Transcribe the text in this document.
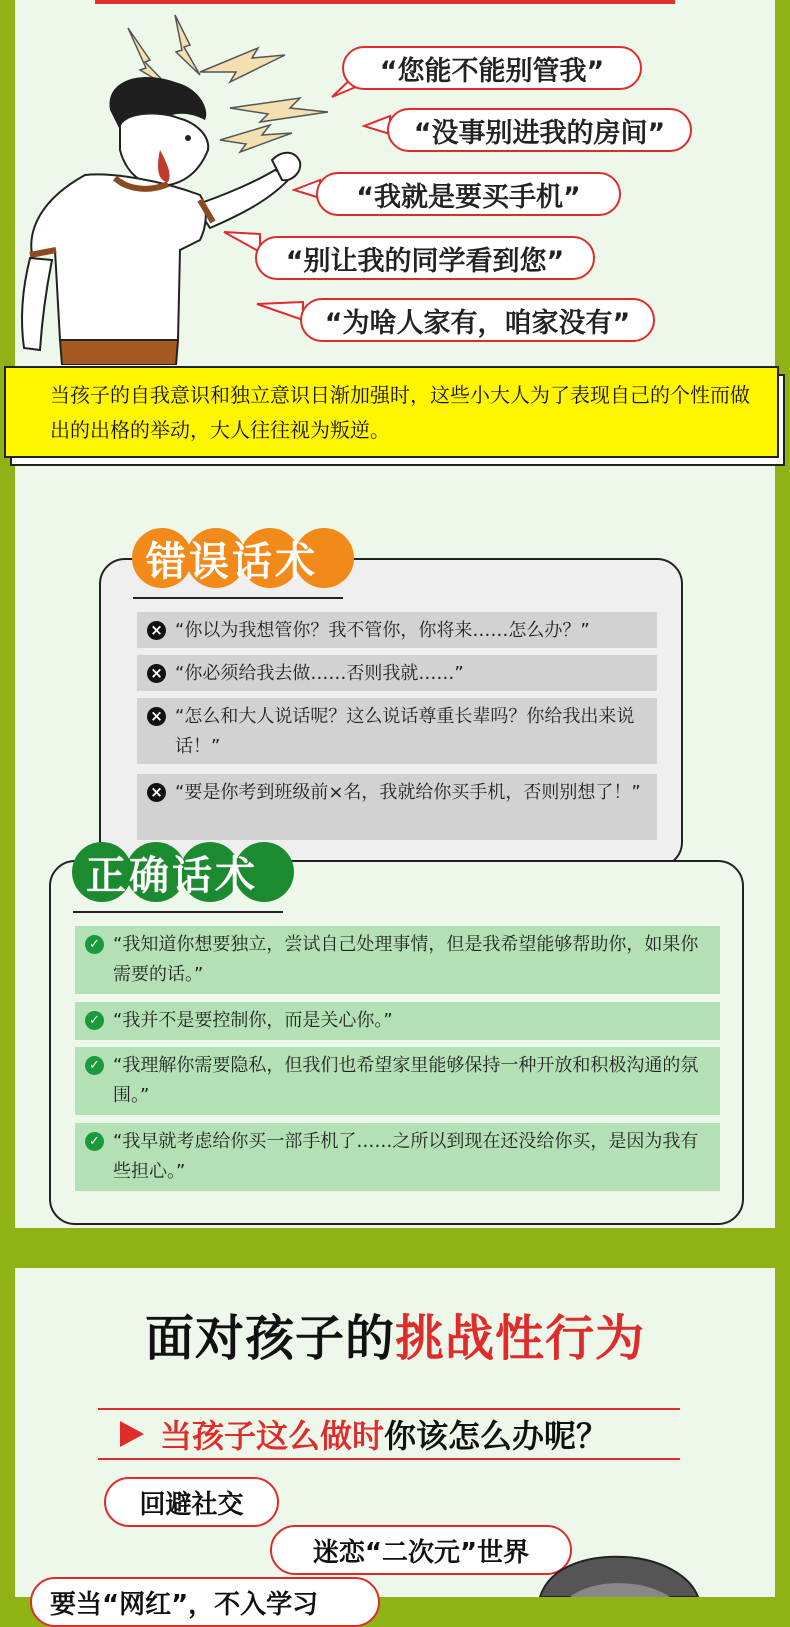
“您能不能别管我”
“没事别进我的房间”
“我就是要买手机”
“别让我的同学看到您”
“为啥人家有，咱家没有”
当孩子的自我意识和独立意识日渐加强时，这些小大人为了表现自己的个性而做出的出格的举动，大人往往视为叛逆。
错误话术
× “你以为我想管你？我不管你，你将来……怎么办？”
× “你必须给我去做……否则我就……”
× “怎么和大人说话呢？这么说话尊重长辈吗？你给我出来说话！”
× “要是你考到班级前×名，我就给你买手机，否则别想了！”
正确话术
✓ “我知道你想要独立，尝试自己处理事情，但是我希望能够帮助你，如果你需要的话。”
✓ “我并不是要控制你，而是关心你。”
✓ “我理解你需要隐私，但我们也希望家里能够保持一种开放和积极沟通的氛围。”
✓ “我早就考虑给你买一部手机了……之所以到现在还没给你买，是因为我有些担心。”
面对孩子的挑战性行为
当孩子这么做时 你该怎么办呢？
回避社交
迷恋“二次元”世界
要当“网红”，不入学习
